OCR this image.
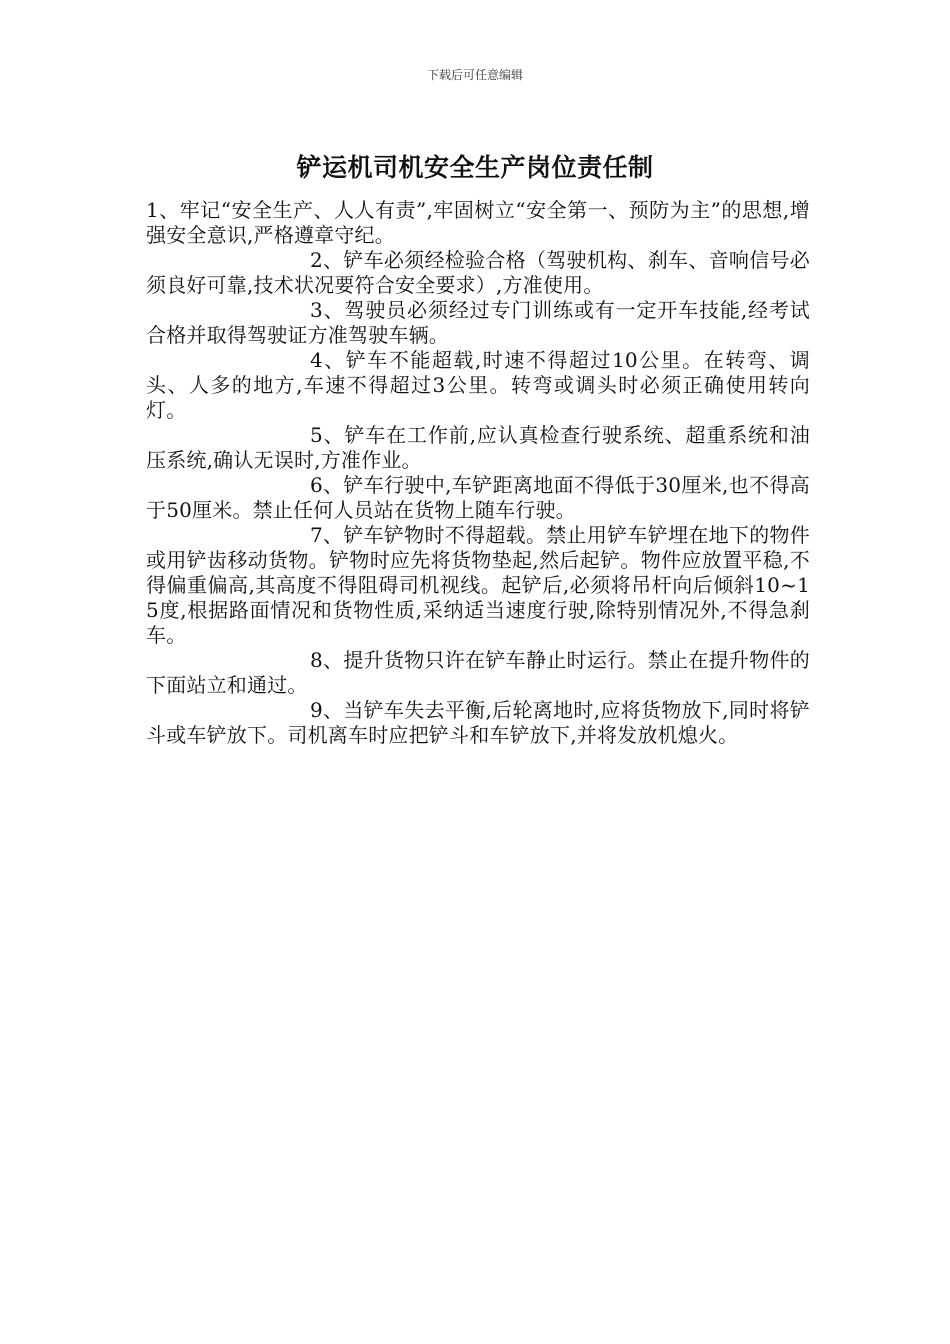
下载后可任意编辑
铲运机司机安全生产岗位责任制

1、牢记“安全生产、人人有责”,牢固树立“安全第一、预防为主”的思想,增强安全意识,严格遵章守纪。

2、铲车必须经检验合格（驾驶机构、刹车、音响信号必须良好可靠,技术状况要符合安全要求）,方准使用。

3、驾驶员必须经过专门训练或有一定开车技能,经考试合格并取得驾驶证方准驾驶车辆。

4、铲车不能超载,时速不得超过10公里。在转弯、调头、人多的地方,车速不得超过3公里。转弯或调头时必须正确使用转向灯。

5、铲车在工作前,应认真检查行驶系统、超重系统和油压系统,确认无误时,方准作业。

6、铲车行驶中,车铲距离地面不得低于30厘米,也不得高于50厘米。禁止任何人员站在货物上随车行驶。

7、铲车铲物时不得超载。禁止用铲车铲埋在地下的物件或用铲齿移动货物。铲物时应先将货物垫起,然后起铲。物件应放置平稳,不得偏重偏高,其高度不得阻碍司机视线。起铲后,必须将吊杆向后倾斜10~15度,根据路面情况和货物性质,采纳适当速度行驶,除特别情况外,不得急刹车。

8、提升货物只许在铲车静止时运行。禁止在提升物件的下面站立和通过。

9、当铲车失去平衡,后轮离地时,应将货物放下,同时将铲斗或车铲放下。司机离车时应把铲斗和车铲放下,并将发放机熄火。
